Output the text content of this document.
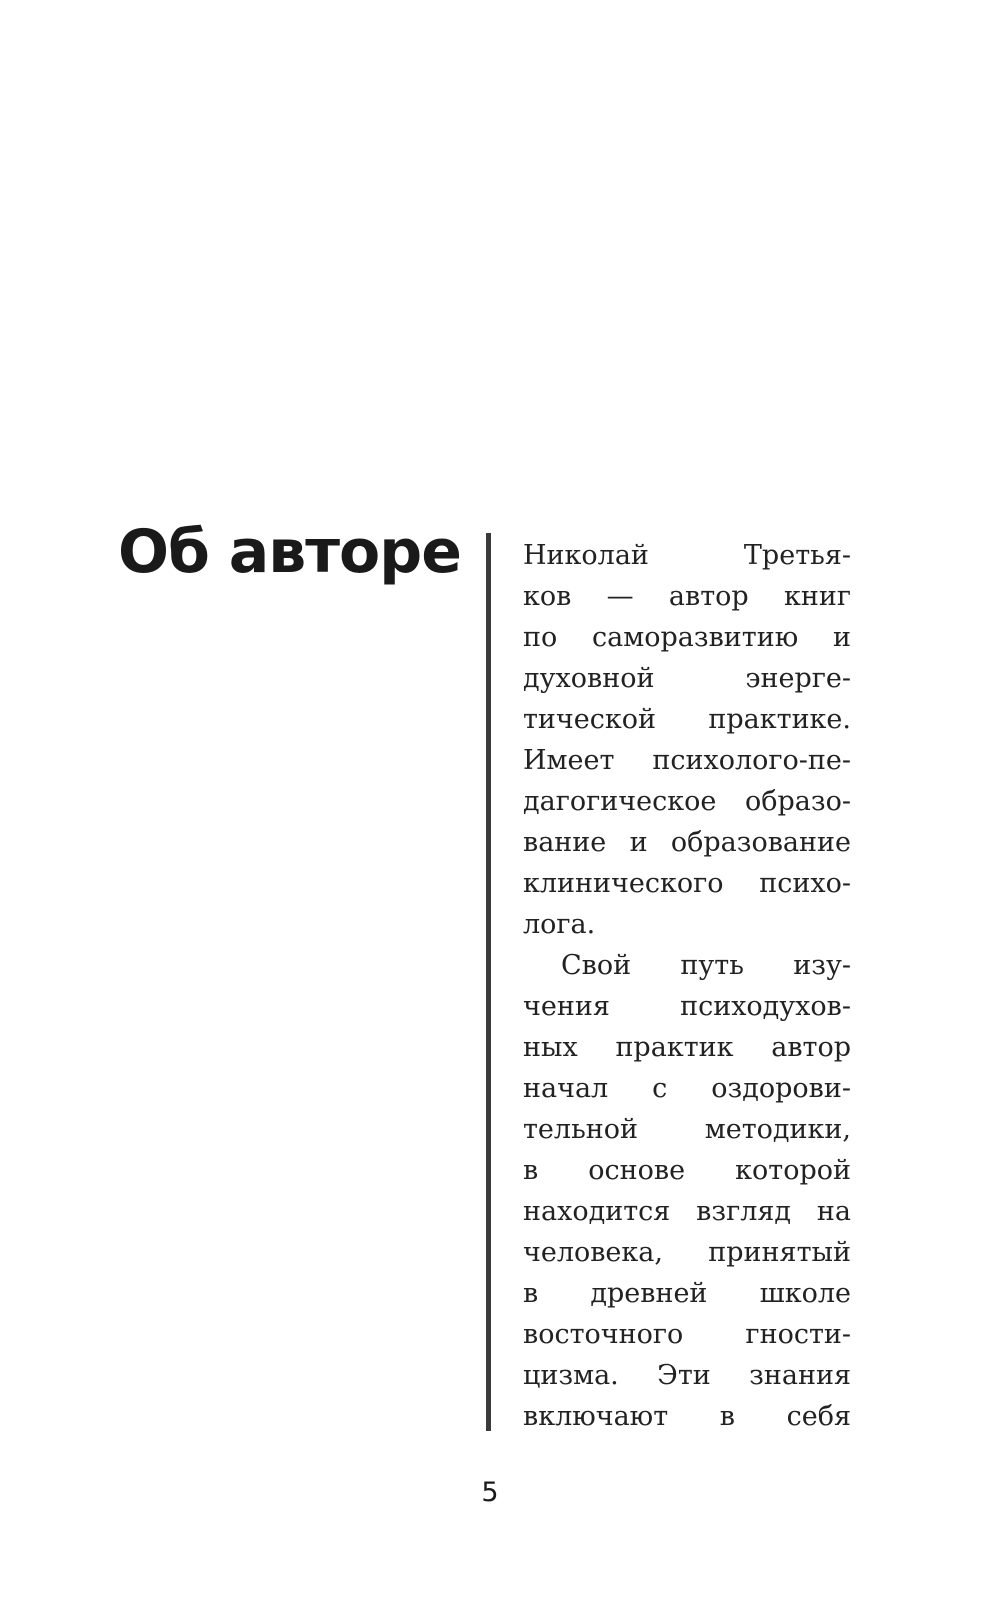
Об авторе Николай	Третья-
ков — автор книг
по саморазвитию и
духовной	энерге-
тической практике.
Имеет психолого-пе-
дагогическое образо-
вание и образование
клинического психо-
лога.
Свой путь изу-
чения	психодухов-
ных практик автор
начал с оздорови-
тельной методики,
в основе которой
находится взгляд на
человека, принятый
в древней школе
восточного гности-
цизма. Эти знания
включают в себя
5
